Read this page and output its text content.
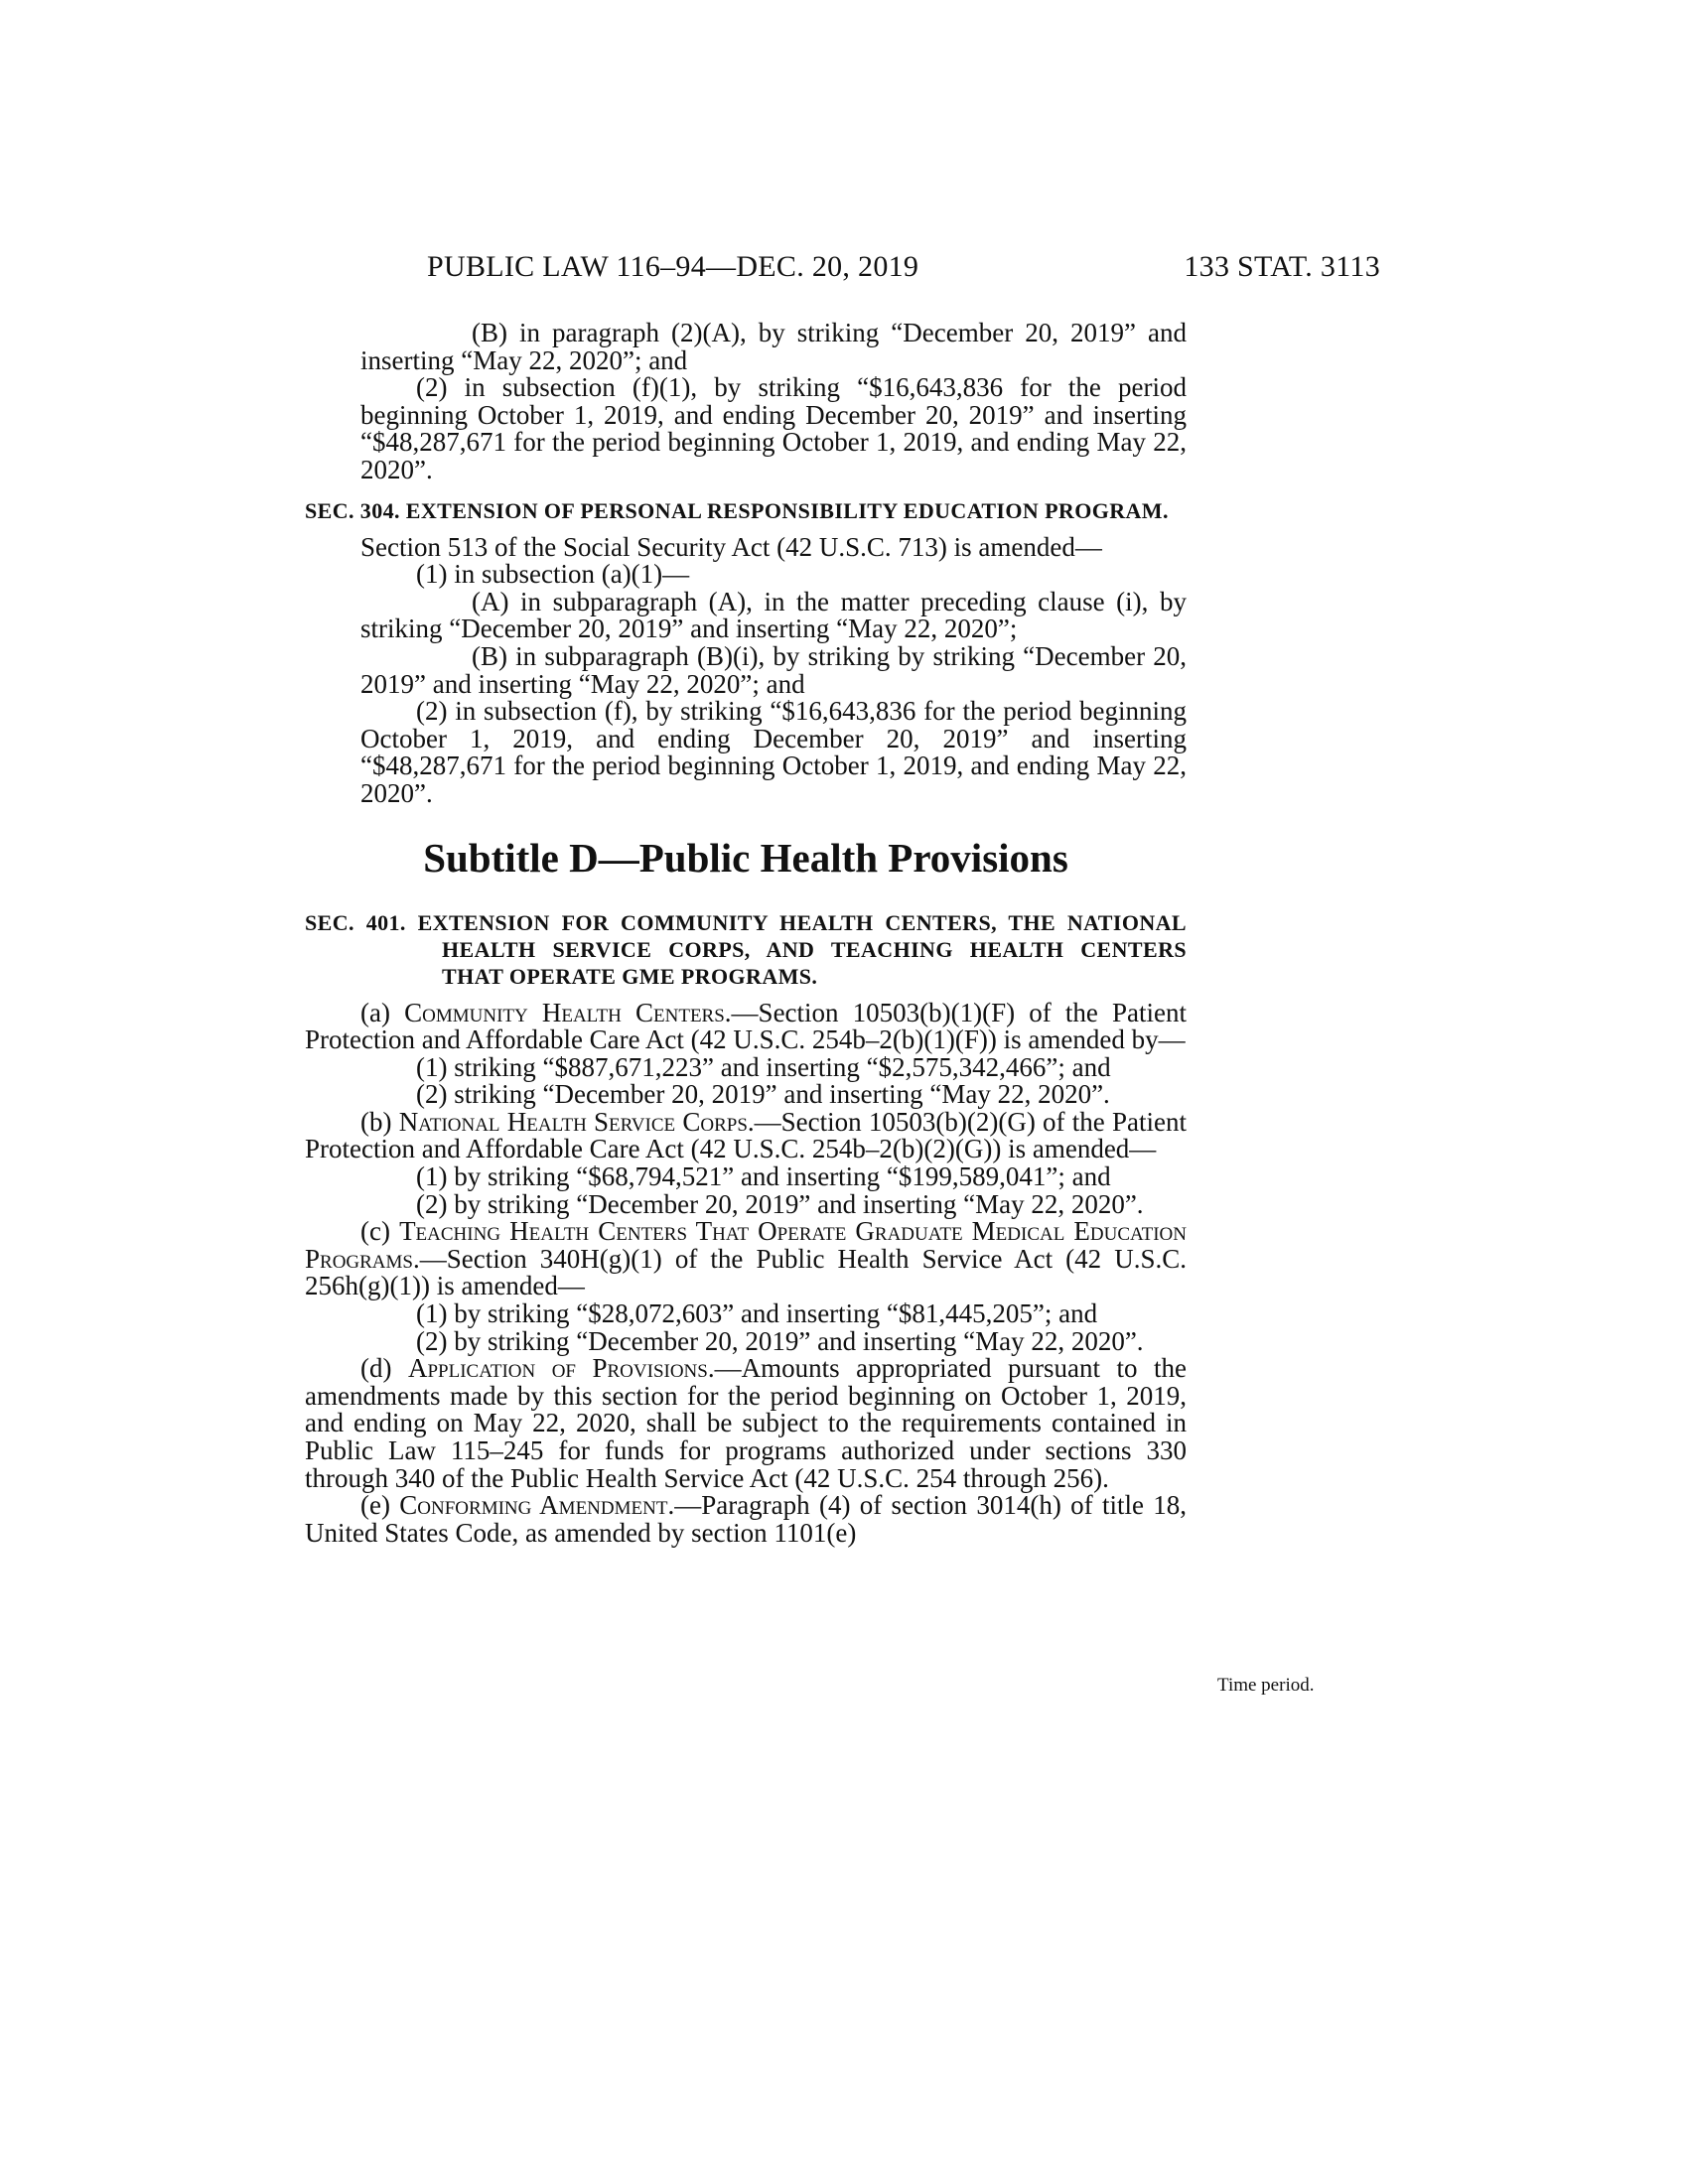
PUBLIC LAW 116–94—DEC. 20, 2019	133 STAT. 3113

(B) in paragraph (2)(A), by striking “December 20, 2019” and inserting “May 22, 2020”; and

(2) in subsection (f)(1), by striking “$16,643,836 for the period beginning October 1, 2019, and ending December 20, 2019” and inserting “$48,287,671 for the period beginning October 1, 2019, and ending May 22, 2020”.

SEC. 304. EXTENSION OF PERSONAL RESPONSIBILITY EDUCATION PROGRAM.

Section 513 of the Social Security Act (42 U.S.C. 713) is amended—

(1) in subsection (a)(1)—

(A) in subparagraph (A), in the matter preceding clause (i), by striking “December 20, 2019” and inserting “May 22, 2020”;

(B) in subparagraph (B)(i), by striking by striking “December 20, 2019” and inserting “May 22, 2020”; and

(2) in subsection (f), by striking “$16,643,836 for the period beginning October 1, 2019, and ending December 20, 2019” and inserting “$48,287,671 for the period beginning October 1, 2019, and ending May 22, 2020”.

Subtitle D—Public Health Provisions
SEC. 401. EXTENSION FOR COMMUNITY HEALTH CENTERS, THE NATIONAL HEALTH SERVICE CORPS, AND TEACHING HEALTH CENTERS THAT OPERATE GME PROGRAMS.

(a) Community Health Centers.—Section 10503(b)(1)(F) of the Patient Protection and Affordable Care Act (42 U.S.C. 254b–2(b)(1)(F)) is amended by—

(1) striking “$887,671,223” and inserting “$2,575,342,466”; and

(2) striking “December 20, 2019” and inserting “May 22, 2020”.

(b) National Health Service Corps.—Section 10503(b)(2)(G) of the Patient Protection and Affordable Care Act (42 U.S.C. 254b–2(b)(2)(G)) is amended—

(1) by striking “$68,794,521” and inserting “$199,589,041”; and

(2) by striking “December 20, 2019” and inserting “May 22, 2020”.

(c) Teaching Health Centers That Operate Graduate Medical Education Programs.—Section 340H(g)(1) of the Public Health Service Act (42 U.S.C. 256h(g)(1)) is amended—

(1) by striking “$28,072,603” and inserting “$81,445,205”; and

(2) by striking “December 20, 2019” and inserting “May 22, 2020”.

(d) Application of Provisions.—Amounts appropriated pursuant to the amendments made by this section for the period beginning on October 1, 2019, and ending on May 22, 2020, shall be subject to the requirements contained in Public Law 115–245 for funds for programs authorized under sections 330 through 340 of the Public Health Service Act (42 U.S.C. 254 through 256).

(e) Conforming Amendment.—Paragraph (4) of section 3014(h) of title 18, United States Code, as amended by section 1101(e)

Time period.
